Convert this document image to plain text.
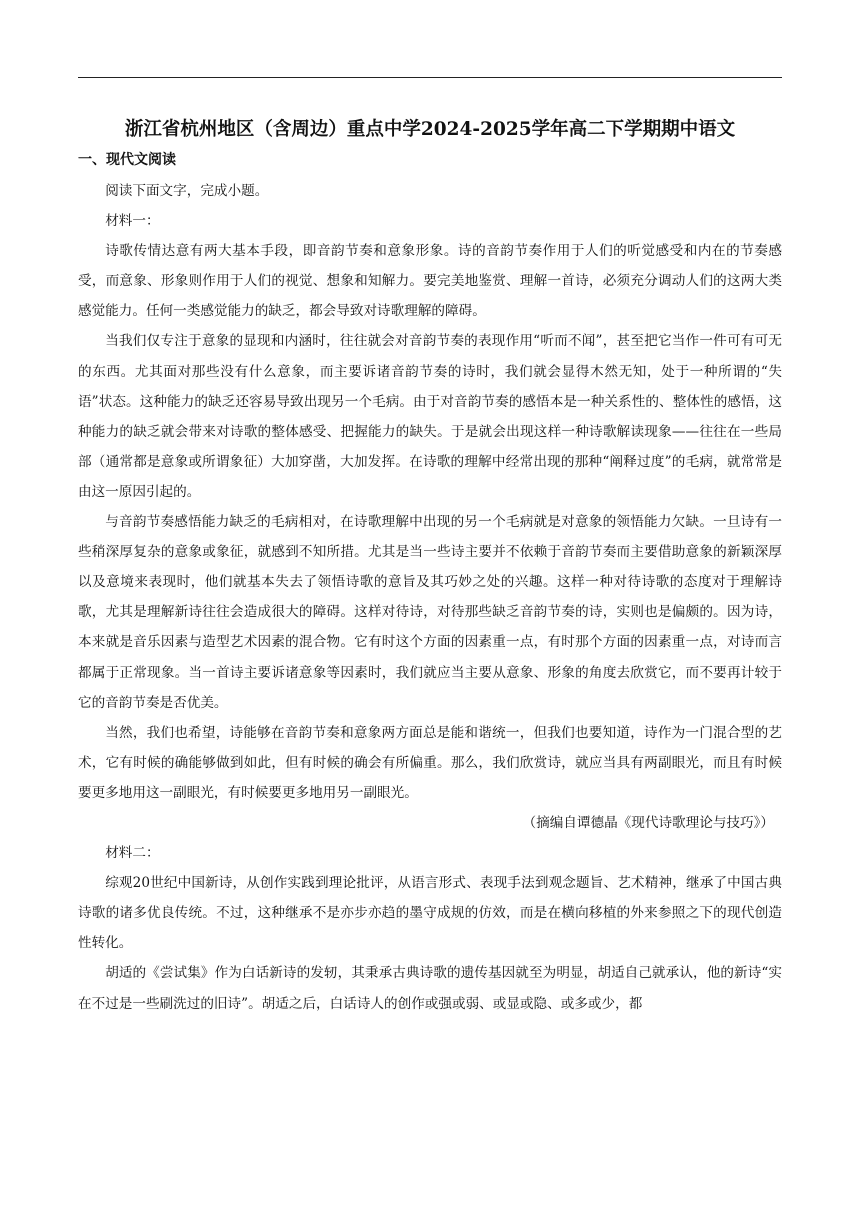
浙江省杭州地区（含周边）重点中学2024-2025学年高二下学期期中语文
一、现代文阅读

阅读下面文字，完成小题。

材料一：

诗歌传情达意有两大基本手段，即音韵节奏和意象形象。诗的音韵节奏作用于人们的听觉感受和内在的节奏感受，而意象、形象则作用于人们的视觉、想象和知解力。要完美地鉴赏、理解一首诗，必须充分调动人们的这两大类感觉能力。任何一类感觉能力的缺乏，都会导致对诗歌理解的障碍。

当我们仅专注于意象的显现和内涵时，往往就会对音韵节奏的表现作用“听而不闻”，甚至把它当作一件可有可无的东西。尤其面对那些没有什么意象，而主要诉诸音韵节奏的诗时，我们就会显得木然无知，处于一种所谓的“失语”状态。这种能力的缺乏还容易导致出现另一个毛病。由于对音韵节奏的感悟本是一种关系性的、整体性的感悟，这种能力的缺乏就会带来对诗歌的整体感受、把握能力的缺失。于是就会出现这样一种诗歌解读现象——往往在一些局部（通常都是意象或所谓象征）大加穿凿，大加发挥。在诗歌的理解中经常出现的那种“阐释过度”的毛病，就常常是由这一原因引起的。

与音韵节奏感悟能力缺乏的毛病相对，在诗歌理解中出现的另一个毛病就是对意象的领悟能力欠缺。一旦诗有一些稍深厚复杂的意象或象征，就感到不知所措。尤其是当一些诗主要并不依赖于音韵节奏而主要借助意象的新颖深厚以及意境来表现时，他们就基本失去了领悟诗歌的意旨及其巧妙之处的兴趣。这样一种对待诗歌的态度对于理解诗歌，尤其是理解新诗往往会造成很大的障碍。这样对待诗，对待那些缺乏音韵节奏的诗，实则也是偏颇的。因为诗，本来就是音乐因素与造型艺术因素的混合物。它有时这个方面的因素重一点，有时那个方面的因素重一点，对诗而言都属于正常现象。当一首诗主要诉诸意象等因素时，我们就应当主要从意象、形象的角度去欣赏它，而不要再计较于它的音韵节奏是否优美。

当然，我们也希望，诗能够在音韵节奏和意象两方面总是能和谐统一，但我们也要知道，诗作为一门混合型的艺术，它有时候的确能够做到如此，但有时候的确会有所偏重。那么，我们欣赏诗，就应当具有两副眼光，而且有时候要更多地用这一副眼光，有时候要更多地用另一副眼光。

（摘编自谭德晶《现代诗歌理论与技巧》）

材料二：

综观20世纪中国新诗，从创作实践到理论批评，从语言形式、表现手法到观念题旨、艺术精神，继承了中国古典诗歌的诸多优良传统。不过，这种继承不是亦步亦趋的墨守成规的仿效，而是在横向移植的外来参照之下的现代创造性转化。

胡适的《尝试集》作为白话新诗的发轫，其秉承古典诗歌的遗传基因就至为明显，胡适自己就承认，他的新诗“实在不过是一些刷洗过的旧诗”。胡适之后，白话诗人的创作或强或弱、或显或隐、或多或少，都
